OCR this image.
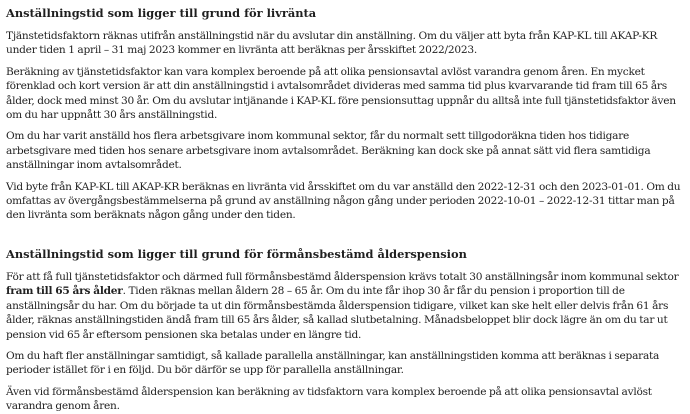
Anställningstid som ligger till grund för livränta

Tjänstetidsfaktorn räknas utifrån anställningstid när du avslutar din anställning. Om du väljer att byta från KAP-KL till AKAP-KR under tiden 1 april – 31 maj 2023 kommer en livränta att beräknas per årsskiftet 2022/2023.

Beräkning av tjänstetidsfaktor kan vara komplex beroende på att olika pensionsavtal avlöst varandra genom åren. En mycket förenklad och kort version är att din anställningstid i avtalsområdet divideras med samma tid plus kvarvarande tid fram till 65 års ålder, dock med minst 30 år. Om du avslutar intjänande i KAP-KL före pensionsuttag uppnår du alltså inte full tjänstetidsfaktor även om du har uppnått 30 års anställningstid.

Om du har varit anställd hos flera arbetsgivare inom kommunal sektor, får du normalt sett tillgodoräkna tiden hos tidigare arbetsgivare med tiden hos senare arbetsgivare inom avtalsområdet. Beräkning kan dock ske på annat sätt vid flera samtidiga anställningar inom avtalsområdet.

Vid byte från KAP-KL till AKAP-KR beräknas en livränta vid årsskiftet om du var anställd den 2022-12-31 och den 2023-01-01. Om du omfattas av övergångsbestämmelserna på grund av anställning någon gång under perioden 2022-10-01 – 2022-12-31 tittar man på den livränta som beräknats någon gång under den tiden.

Anställningstid som ligger till grund för förmånsbestämd ålderspension

För att få full tjänstetidsfaktor och därmed full förmånsbestämd ålderspension krävs totalt 30 anställningsår inom kommunal sektor fram till 65 års ålder. Tiden räknas mellan åldern 28 – 65 år. Om du inte får ihop 30 år får du pension i proportion till de anställningsår du har. Om du började ta ut din förmånsbestämda ålderspension tidigare, vilket kan ske helt eller delvis från 61 års ålder, räknas anställningstiden ändå fram till 65 års ålder, så kallad slutbetalning. Månadsbeloppet blir dock lägre än om du tar ut pension vid 65 år eftersom pensionen ska betalas under en längre tid.

Om du haft fler anställningar samtidigt, så kallade parallella anställningar, kan anställningstiden komma att beräknas i separata perioder istället för i en följd. Du bör därför se upp för parallella anställningar.

Även vid förmånsbestämd ålderspension kan beräkning av tidsfaktorn vara komplex beroende på att olika pensionsavtal avlöst varandra genom åren.
